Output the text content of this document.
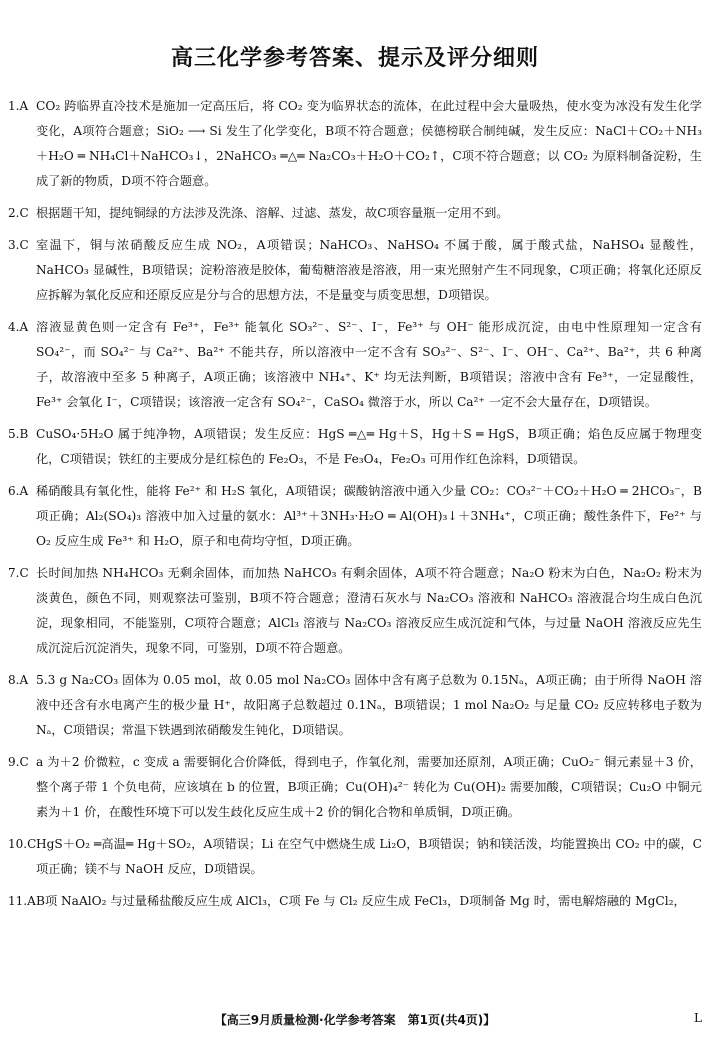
高三化学参考答案、提示及评分细则
1.A CO₂ 跨临界直冷技术是施加一定高压后，将 CO₂ 变为临界状态的流体，在此过程中会大量吸热，使水变为冰没有发生化学变化，A项符合题意；SiO₂ ⟶ Si 发生了化学变化，B项不符合题意；侯德榜联合制纯碱，发生反应：NaCl＋CO₂＋NH₃＋H₂O ═ NH₄Cl＋NaHCO₃↓，2NaHCO₃ ═△═ Na₂CO₃＋H₂O＋CO₂↑，C项不符合题意；以 CO₂ 为原料制备淀粉，生成了新的物质，D项不符合题意。
2.C 根据题干知，提纯铜绿的方法涉及洗涤、溶解、过滤、蒸发，故C项容量瓶一定用不到。
3.C 室温下，铜与浓硝酸反应生成 NO₂，A项错误；NaHCO₃、NaHSO₄ 不属于酸，属于酸式盐，NaHSO₄ 显酸性，NaHCO₃ 显碱性，B项错误；淀粉溶液是胶体，葡萄糖溶液是溶液，用一束光照射产生不同现象，C项正确；将氧化还原反应拆解为氧化反应和还原反应是分与合的思想方法，不是量变与质变思想，D项错误。
4.A 溶液显黄色则一定含有 Fe³⁺，Fe³⁺ 能氧化 SO₃²⁻、S²⁻、I⁻，Fe³⁺ 与 OH⁻ 能形成沉淀，由电中性原理知一定含有 SO₄²⁻，而 SO₄²⁻ 与 Ca²⁺、Ba²⁺ 不能共存，所以溶液中一定不含有 SO₃²⁻、S²⁻、I⁻、OH⁻、Ca²⁺、Ba²⁺，共 6 种离子，故溶液中至多 5 种离子，A项正确；该溶液中 NH₄⁺、K⁺ 均无法判断，B项错误；溶液中含有 Fe³⁺，一定显酸性，Fe³⁺ 会氧化 I⁻，C项错误；该溶液一定含有 SO₄²⁻，CaSO₄ 微溶于水，所以 Ca²⁺ 一定不会大量存在，D项错误。
5.B CuSO₄·5H₂O 属于纯净物，A项错误；发生反应：HgS ═△═ Hg＋S，Hg＋S ═ HgS，B项正确；焰色反应属于物理变化，C项错误；铁红的主要成分是红棕色的 Fe₂O₃，不是 Fe₃O₄，Fe₂O₃ 可用作红色涂料，D项错误。
6.A 稀硝酸具有氧化性，能将 Fe²⁺ 和 H₂S 氧化，A项错误；碳酸钠溶液中通入少量 CO₂：CO₃²⁻＋CO₂＋H₂O ═ 2HCO₃⁻，B项正确；Al₂(SO₄)₃ 溶液中加入过量的氨水：Al³⁺＋3NH₃·H₂O ═ Al(OH)₃↓＋3NH₄⁺，C项正确；酸性条件下，Fe²⁺ 与 O₂ 反应生成 Fe³⁺ 和 H₂O，原子和电荷均守恒，D项正确。
7.C 长时间加热 NH₄HCO₃ 无剩余固体，而加热 NaHCO₃ 有剩余固体，A项不符合题意；Na₂O 粉末为白色，Na₂O₂ 粉末为淡黄色，颜色不同，则观察法可鉴别，B项不符合题意；澄清石灰水与 Na₂CO₃ 溶液和 NaHCO₃ 溶液混合均生成白色沉淀，现象相同，不能鉴别，C项符合题意；AlCl₃ 溶液与 Na₂CO₃ 溶液反应生成沉淀和气体，与过量 NaOH 溶液反应先生成沉淀后沉淀消失，现象不同，可鉴别，D项不符合题意。
8.A 5.3 g Na₂CO₃ 固体为 0.05 mol，故 0.05 mol Na₂CO₃ 固体中含有离子总数为 0.15Nₐ，A项正确；由于所得 NaOH 溶液中还含有水电离产生的极少量 H⁺，故阳离子总数超过 0.1Nₐ，B项错误；1 mol Na₂O₂ 与足量 CO₂ 反应转移电子数为 Nₐ，C项错误；常温下铁遇到浓硝酸发生钝化，D项错误。
9.C a 为＋2 价微粒，c 变成 a 需要铜化合价降低，得到电子，作氧化剂，需要加还原剂，A项正确；CuO₂⁻ 铜元素显＋3 价，整个离子带 1 个负电荷，应该填在 b 的位置，B项正确；Cu(OH)₄²⁻ 转化为 Cu(OH)₂ 需要加酸，C项错误；Cu₂O 中铜元素为＋1 价，在酸性环境下可以发生歧化反应生成＋2 价的铜化合物和单质铜，D项正确。
10.C HgS＋O₂ ═高温═ Hg＋SO₂，A项错误；Li 在空气中燃烧生成 Li₂O，B项错误；钠和镁活泼，均能置换出 CO₂ 中的碳，C项正确；镁不与 NaOH 反应，D项错误。
11.A B项 NaAlO₂ 与过量稀盐酸反应生成 AlCl₃，C项 Fe 与 Cl₂ 反应生成 FeCl₃，D项制备 Mg 时，需电解熔融的 MgCl₂，
【高三9月质量检测·化学参考答案　第1页(共4页)】	L
